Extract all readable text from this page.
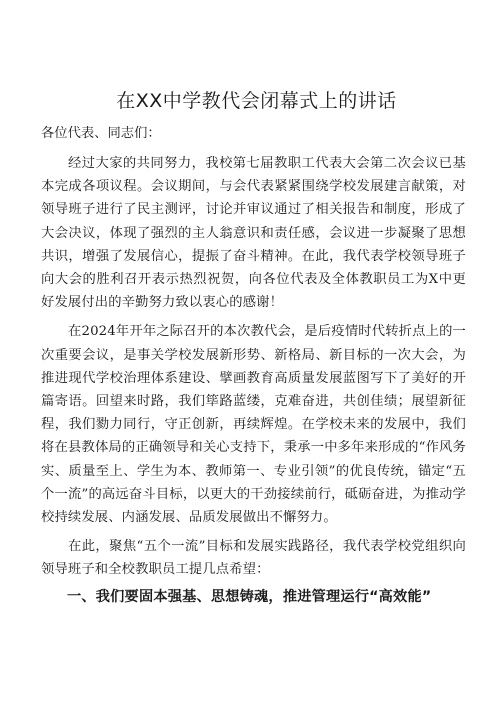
在XX中学教代会闭幕式上的讲话

各位代表、同志们：

经过大家的共同努力，我校第七届教职工代表大会第二次会议已基本完成各项议程。会议期间，与会代表紧紧围绕学校发展建言献策，对领导班子进行了民主测评，讨论并审议通过了相关报告和制度，形成了大会决议，体现了强烈的主人翁意识和责任感，会议进一步凝聚了思想共识，增强了发展信心，提振了奋斗精神。在此，我代表学校领导班子向大会的胜利召开表示热烈祝贺，向各位代表及全体教职员工为X中更好发展付出的辛勤努力致以衷心的感谢！

在2024年开年之际召开的本次教代会，是后疫情时代转折点上的一次重要会议，是事关学校发展新形势、新格局、新目标的一次大会，为推进现代学校治理体系建设、擘画教育高质量发展蓝图写下了美好的开篇寄语。回望来时路，我们筚路蓝缕，克难奋进，共创佳绩；展望新征程，我们勠力同行，守正创新，再续辉煌。在学校未来的发展中，我们将在县教体局的正确领导和关心支持下，秉承一中多年来形成的“作风务实、质量至上、学生为本、教师第一、专业引领”的优良传统，锚定“五个一流”的高远奋斗目标，以更大的干劲接续前行，砥砺奋进，为推动学校持续发展、内涵发展、品质发展做出不懈努力。

在此，聚焦“五个一流”目标和发展实践路径，我代表学校党组织向领导班子和全校教职员工提几点希望：

一、我们要固本强基、思想铸魂，推进管理运行“高效能”
